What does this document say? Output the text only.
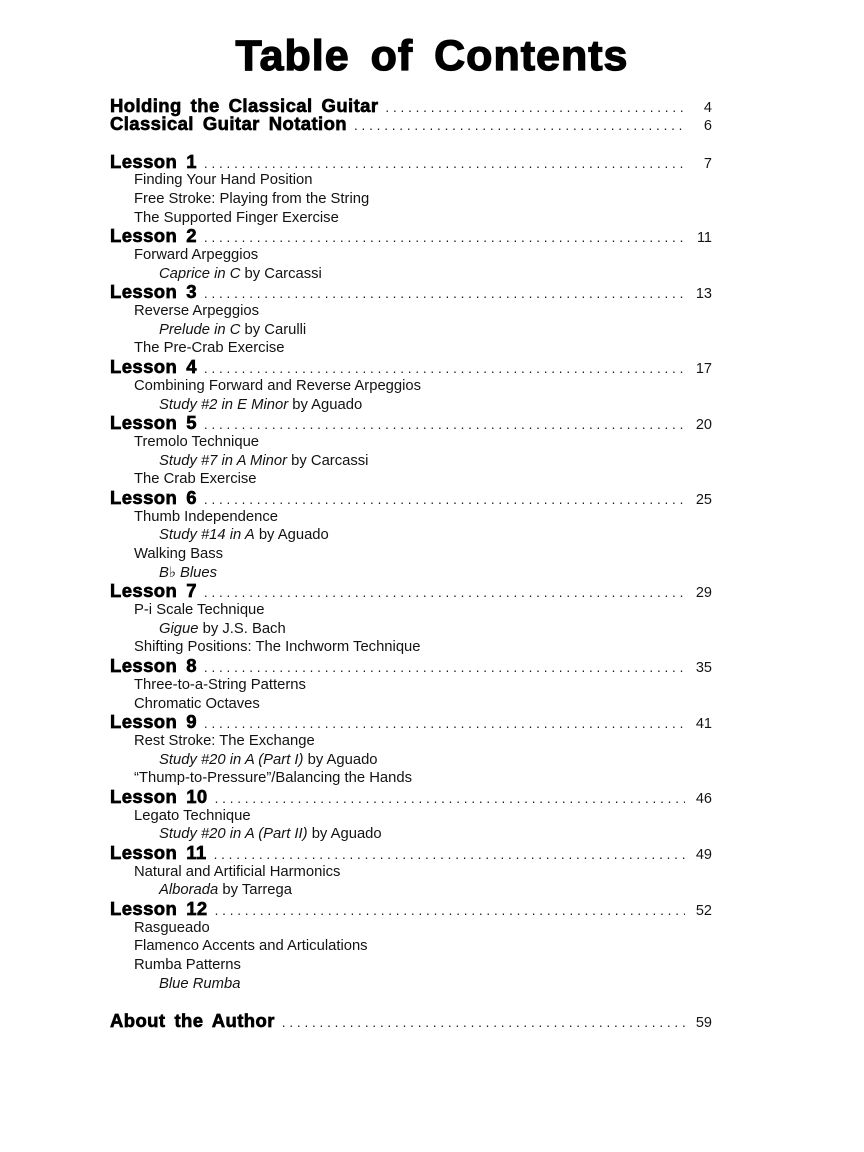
Table of Contents
Holding the Classical Guitar .....	4
Classical Guitar Notation .....	6
Lesson 1 .....	7
Finding Your Hand Position
Free Stroke: Playing from the String
The Supported Finger Exercise
Lesson 2 .....	11
Forward Arpeggios
Caprice in C by Carcassi
Lesson 3 .....	13
Reverse Arpeggios
Prelude in C by Carulli
The Pre-Crab Exercise
Lesson 4 .....	17
Combining Forward and Reverse Arpeggios
Study #2 in E Minor by Aguado
Lesson 5 .....	20
Tremolo Technique
Study #7 in A Minor by Carcassi
The Crab Exercise
Lesson 6 .....	25
Thumb Independence
Study #14 in A by Aguado
Walking Bass
B♭ Blues
Lesson 7 .....	29
P-i Scale Technique
Gigue by J.S. Bach
Shifting Positions: The Inchworm Technique
Lesson 8 .....	35
Three-to-a-String Patterns
Chromatic Octaves
Lesson 9 .....	41
Rest Stroke: The Exchange
Study #20 in A (Part I) by Aguado
“Thump-to-Pressure”/Balancing the Hands
Lesson 10 .....	46
Legato Technique
Study #20 in A (Part II) by Aguado
Lesson 11 .....	49
Natural and Artificial Harmonics
Alborada by Tarrega
Lesson 12 .....	52
Rasgueado
Flamenco Accents and Articulations
Rumba Patterns
Blue Rumba
About the Author .....	59
